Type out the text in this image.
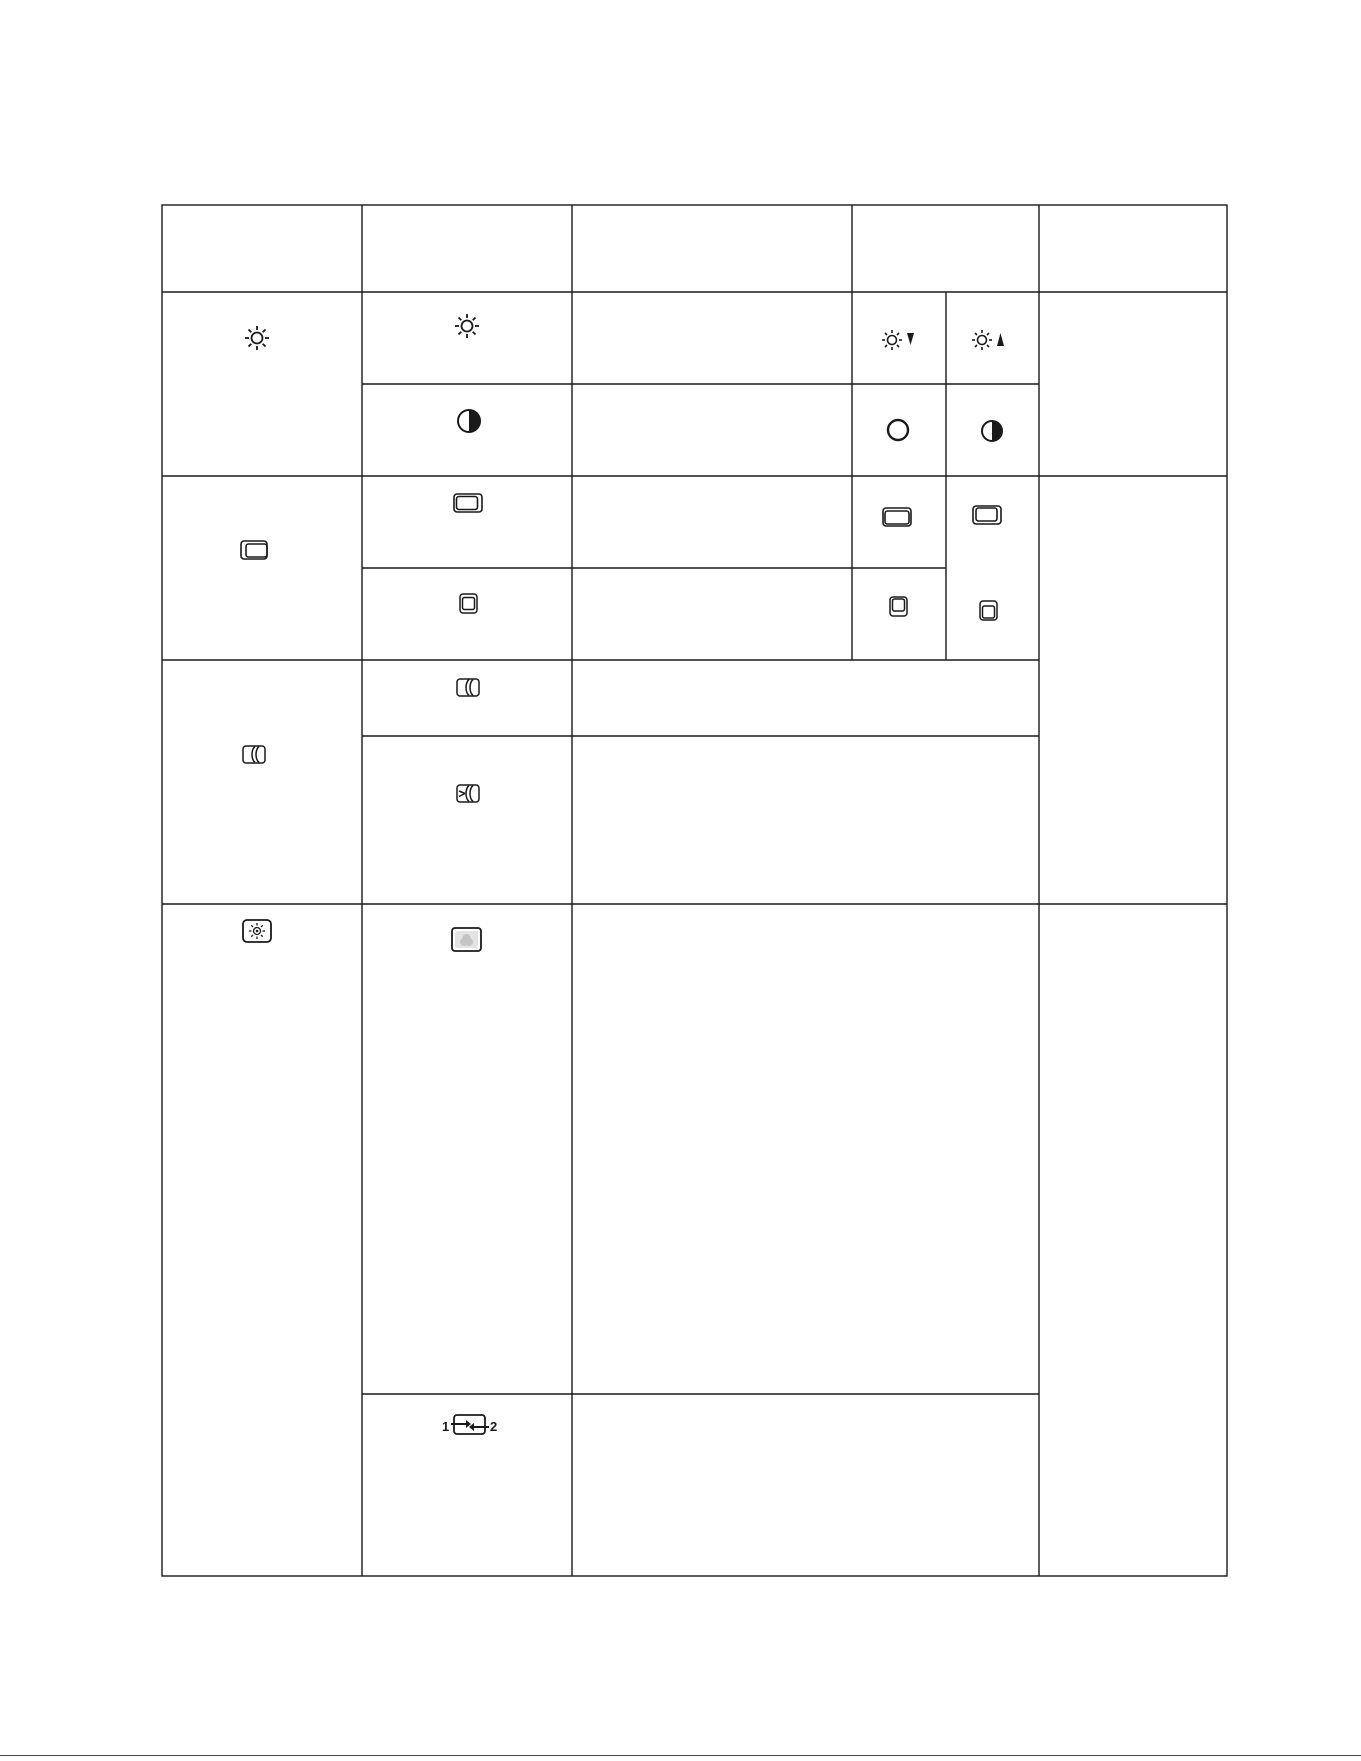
1	2
